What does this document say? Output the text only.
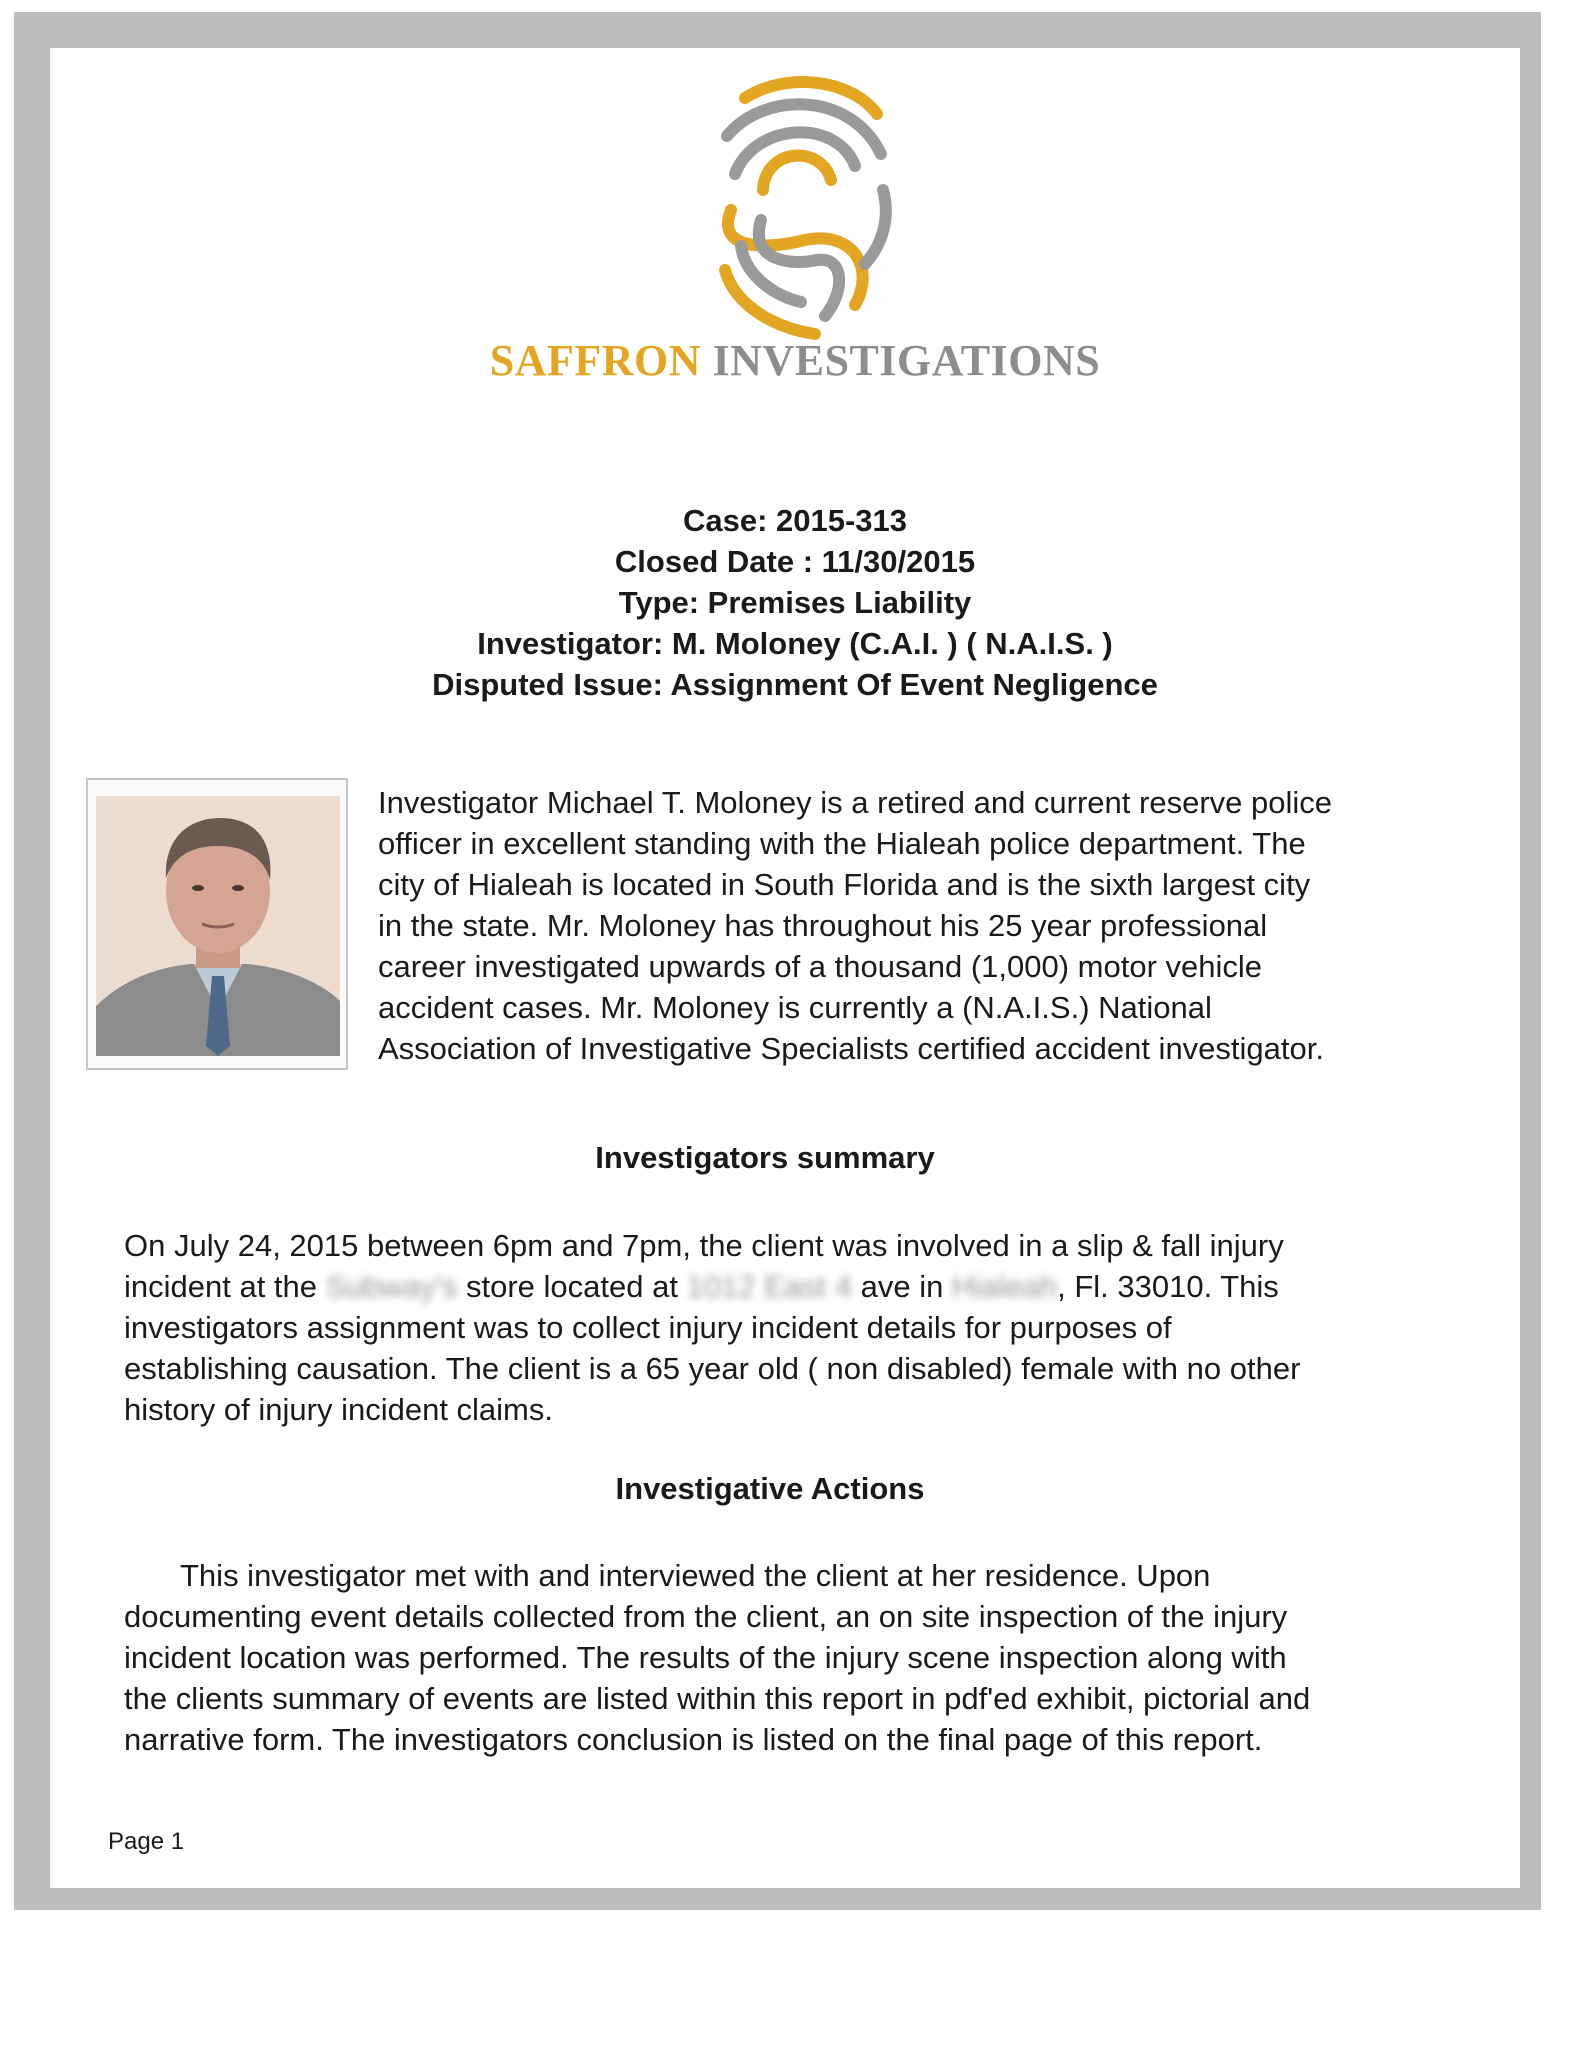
SAFFRON INVESTIGATIONS
Case: 2015-313
Closed Date : 11/30/2015
Type: Premises Liability
Investigator: M. Moloney (C.A.I. ) ( N.A.I.S. )
Disputed Issue: Assignment Of Event Negligence
Investigator Michael T. Moloney is a retired and current reserve police
officer in excellent standing with the Hialeah police department. The
city of Hialeah is located in South Florida and is the sixth largest city
in the state. Mr. Moloney has throughout his 25 year professional
career investigated upwards of a thousand (1,000) motor vehicle
accident cases. Mr. Moloney is currently a (N.A.I.S.) National
Association of Investigative Specialists certified accident investigator.
Investigators summary
On July 24, 2015 between 6pm and 7pm, the client was involved in a slip & fall injury
incident at the Subway's store located at 1012 East 4 ave in Hialeah, Fl. 33010. This
investigators assignment was to collect injury incident details for purposes of
establishing causation. The client is a 65 year old ( non disabled) female with no other
history of injury incident claims.
Investigative Actions
This investigator met with and interviewed the client at her residence. Upon
documenting event details collected from the client, an on site inspection of the injury
incident location was performed. The results of the injury scene inspection along with
the clients summary of events are listed within this report in pdf'ed exhibit, pictorial and
narrative form. The investigators conclusion is listed on the final page of this report.
Page 1
